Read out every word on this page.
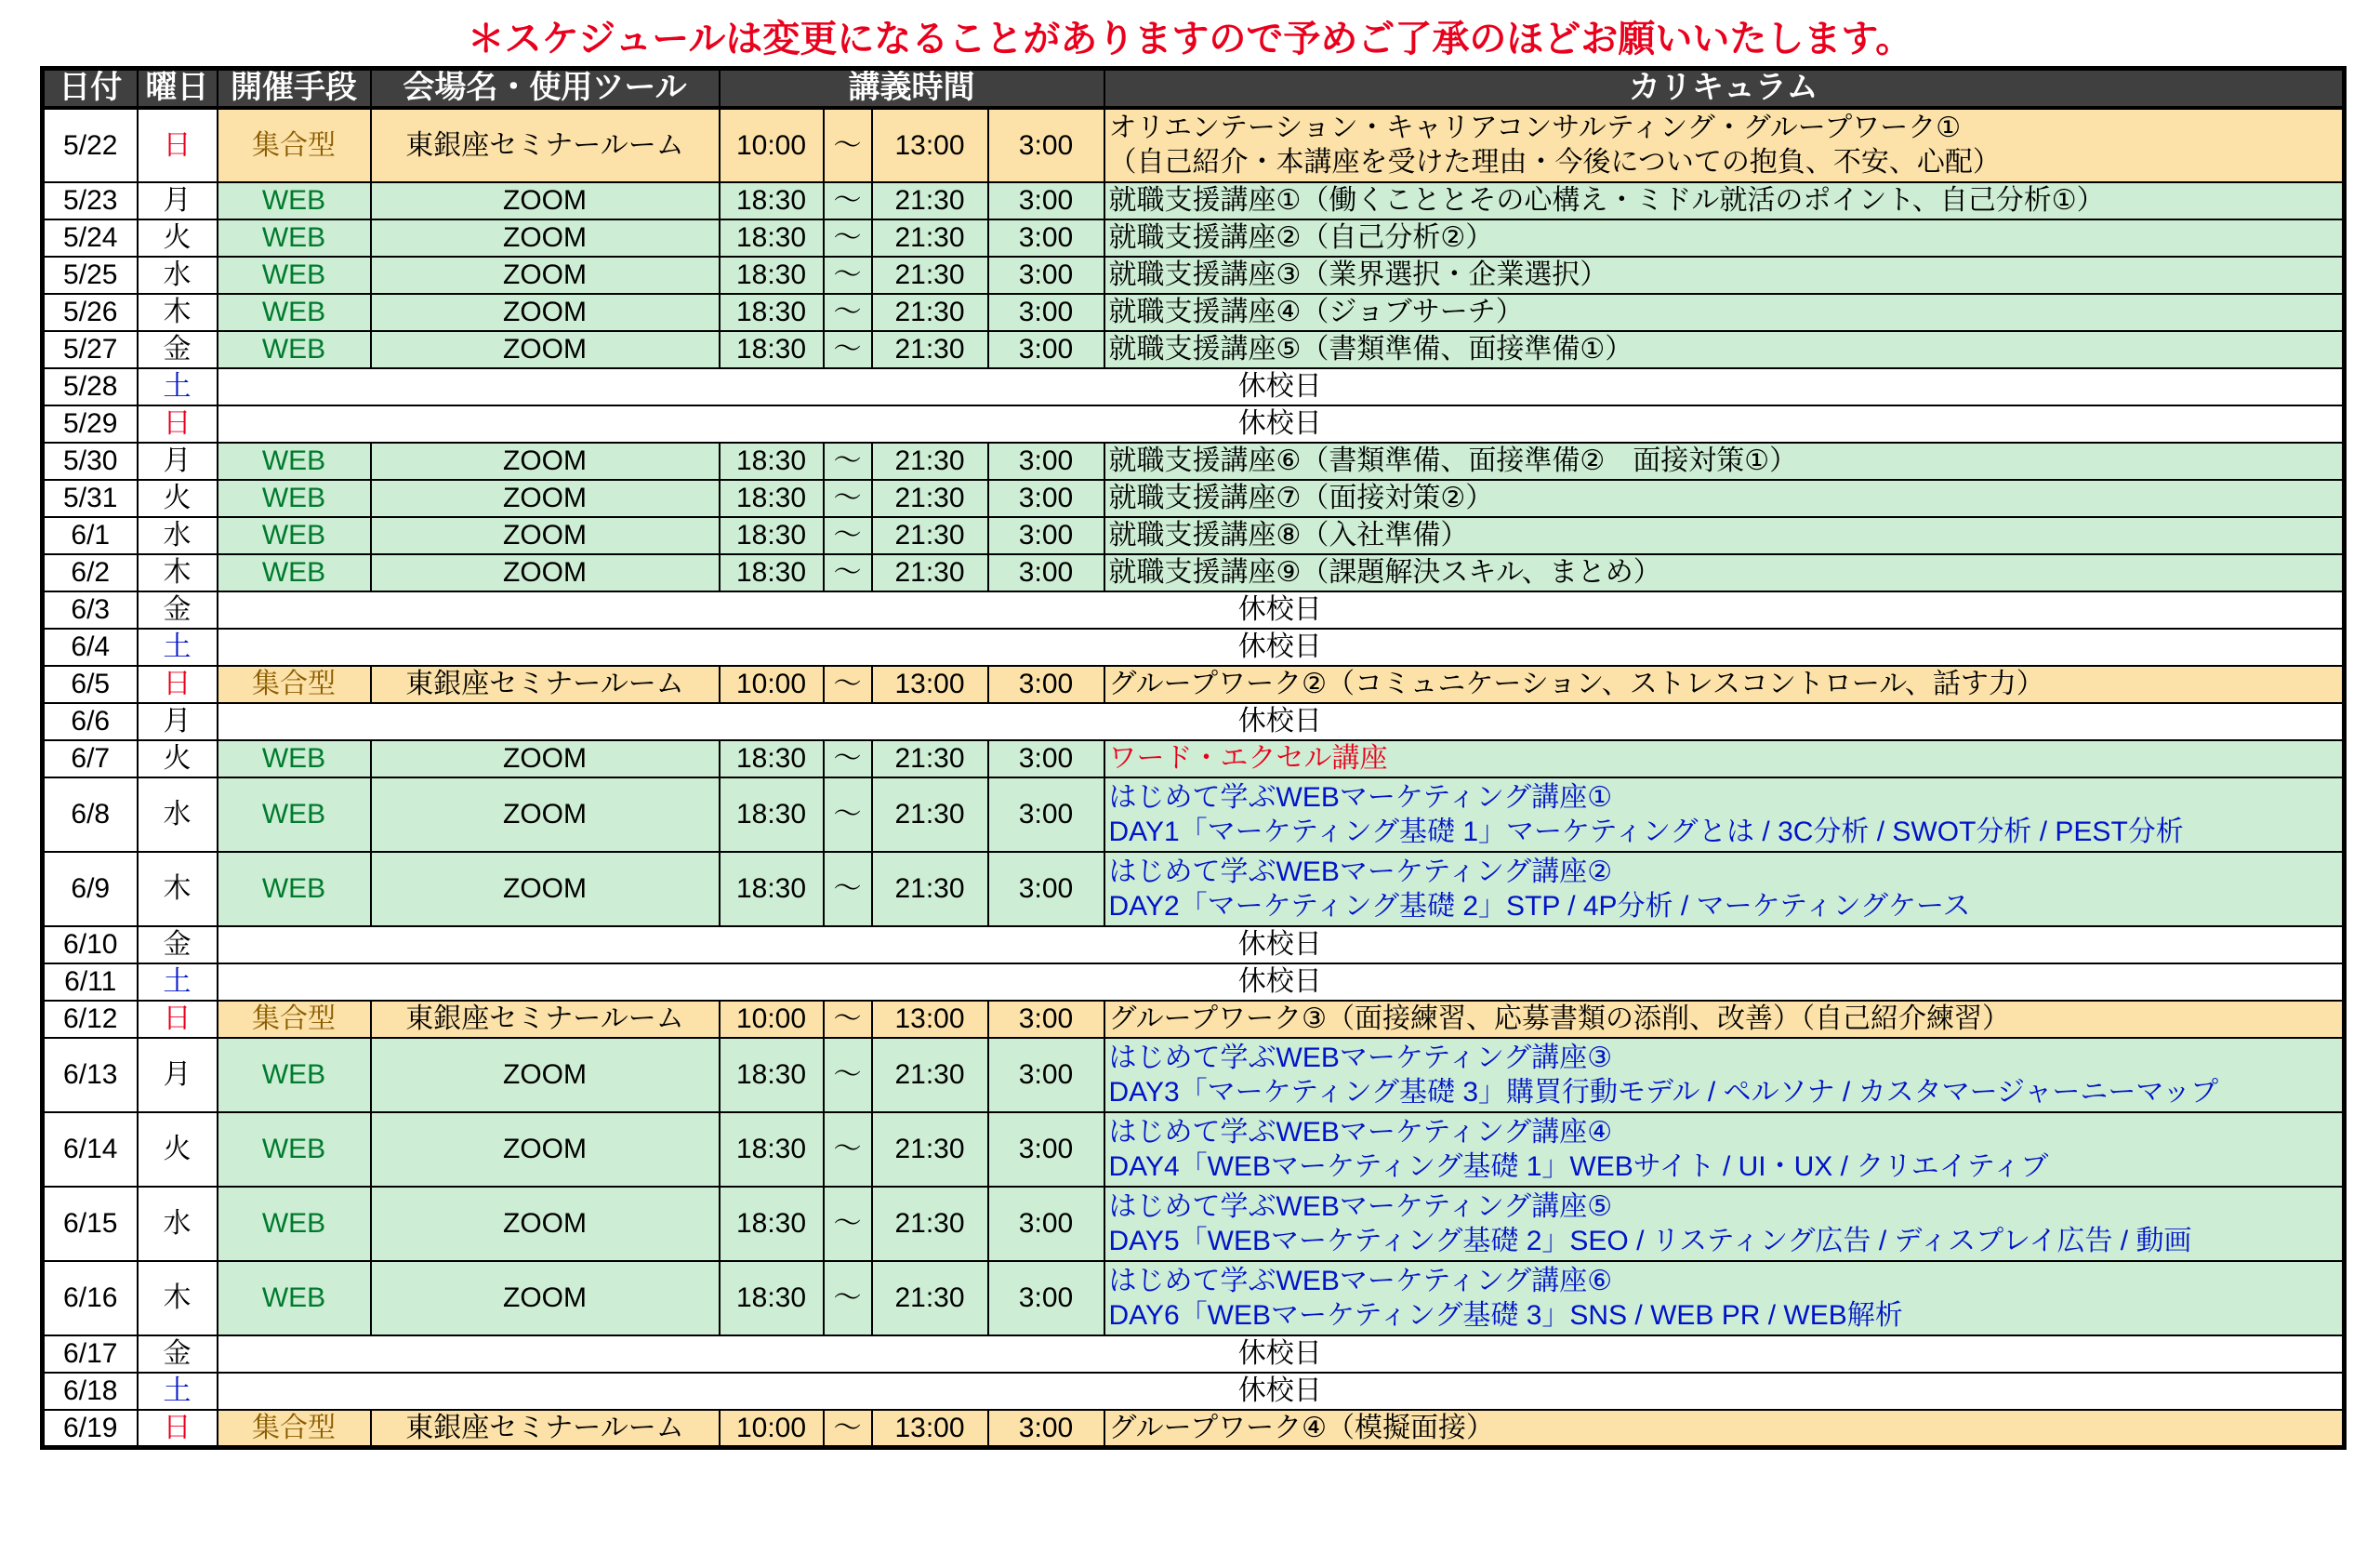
＊スケジュールは変更になることがありますので予めご了承のほどお願いいたします。
日付	曜日	開催手段	会場名・使用ツール	講義時間				カリキュラム
5/22	日	集合型	東銀座セミナールーム	10:00	〜	13:00	3:00	オリエンテーション・キャリアコンサルティング・グループワーク①
（自己紹介・本講座を受けた理由・今後についての抱負、不安、心配）

5/23	月	WEB	ZOOM	18:30	〜	21:30	3:00	就職支援講座①（働くこととその心構え・ミドル就活のポイント、自己分析①）

5/24	火	WEB	ZOOM	18:30	〜	21:30	3:00	就職支援講座②（自己分析②）

5/25	水	WEB	ZOOM	18:30	〜	21:30	3:00	就職支援講座③（業界選択・企業選択）

5/26	木	WEB	ZOOM	18:30	〜	21:30	3:00	就職支援講座④（ジョブサーチ）

5/27	金	WEB	ZOOM	18:30	〜	21:30	3:00	就職支援講座⑤（書類準備、面接準備①）

5/28	土	休校日						
5/29	日	休校日						
5/30	月	WEB	ZOOM	18:30	〜	21:30	3:00	就職支援講座⑥（書類準備、面接準備②　面接対策①）

5/31	火	WEB	ZOOM	18:30	〜	21:30	3:00	就職支援講座⑦（面接対策②）

6/1	水	WEB	ZOOM	18:30	〜	21:30	3:00	就職支援講座⑧（入社準備）

6/2	木	WEB	ZOOM	18:30	〜	21:30	3:00	就職支援講座⑨（課題解決スキル、まとめ）

6/3	金	休校日						
6/4	土	休校日						
6/5	日	集合型	東銀座セミナールーム	10:00	〜	13:00	3:00	グループワーク②（コミュニケーション、ストレスコントロール、話す力）

6/6	月	休校日						
6/7	火	WEB	ZOOM	18:30	〜	21:30	3:00	ワード・エクセル講座

6/8	水	WEB	ZOOM	18:30	〜	21:30	3:00	はじめて学ぶWEBマーケティング講座①
DAY1「マーケティング基礎 1」マーケティングとは / 3C分析 / SWOT分析 / PEST分析

6/9	木	WEB	ZOOM	18:30	〜	21:30	3:00	はじめて学ぶWEBマーケティング講座②
DAY2「マーケティング基礎 2」STP / 4P分析 / マーケティングケース

6/10	金	休校日						
6/11	土	休校日						
6/12	日	集合型	東銀座セミナールーム	10:00	〜	13:00	3:00	グループワーク③（面接練習、応募書類の添削、改善）（自己紹介練習）

6/13	月	WEB	ZOOM	18:30	〜	21:30	3:00	はじめて学ぶWEBマーケティング講座③
DAY3「マーケティング基礎 3」購買行動モデル / ペルソナ / カスタマージャーニーマップ

6/14	火	WEB	ZOOM	18:30	〜	21:30	3:00	はじめて学ぶWEBマーケティング講座④
DAY4「WEBマーケティング基礎 1」WEBサイト / UI・UX / クリエイティブ

6/15	水	WEB	ZOOM	18:30	〜	21:30	3:00	はじめて学ぶWEBマーケティング講座⑤
DAY5「WEBマーケティング基礎 2」SEO / リスティング広告 / ディスプレイ広告 / 動画

6/16	木	WEB	ZOOM	18:30	〜	21:30	3:00	はじめて学ぶWEBマーケティング講座⑥
DAY6「WEBマーケティング基礎 3」SNS / WEB PR / WEB解析

6/17	金	休校日						
6/18	土	休校日						
6/19	日	集合型	東銀座セミナールーム	10:00	〜	13:00	3:00	グループワーク④（模擬面接）
